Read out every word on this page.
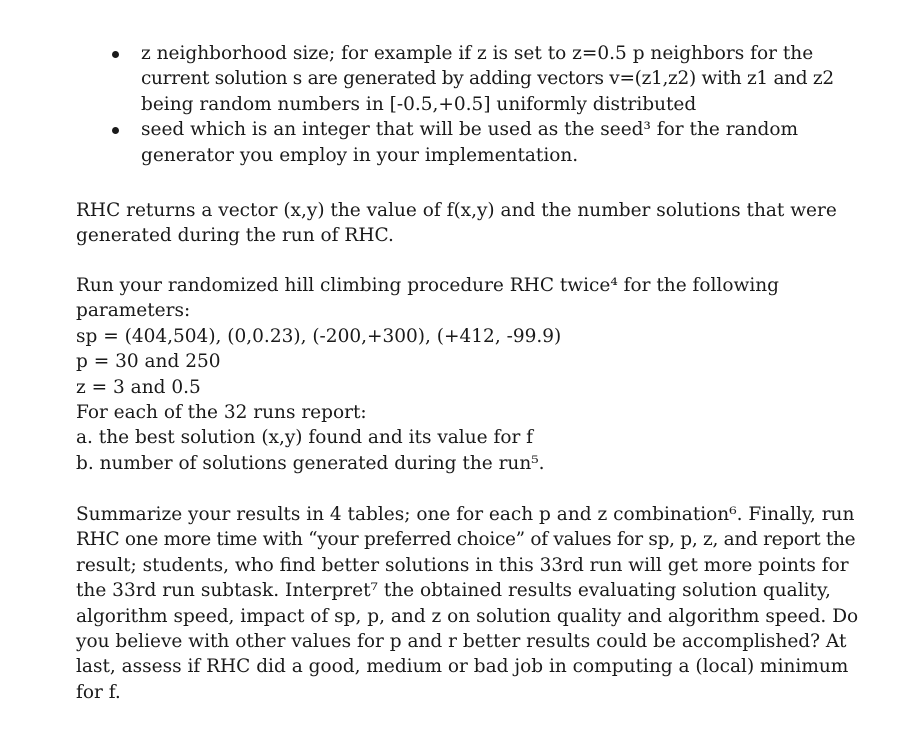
z neighborhood size; for example if z is set to z=0.5 p neighbors for the
current solution s are generated by adding vectors v=(z1,z2) with z1 and z2
being random numbers in [-0.5,+0.5] uniformly distributed
seed which is an integer that will be used as the seed³ for the random
generator you employ in your implementation.
RHC returns a vector (x,y) the value of f(x,y) and the number solutions that were
generated during the run of RHC.
Run your randomized hill climbing procedure RHC twice⁴ for the following
parameters:
sp = (404,504), (0,0.23), (-200,+300), (+412, -99.9)
p = 30 and 250
z = 3 and 0.5
For each of the 32 runs report:
a. the best solution (x,y) found and its value for f
b. number of solutions generated during the run⁵.
Summarize your results in 4 tables; one for each p and z combination⁶. Finally, run
RHC one more time with “your preferred choice” of values for sp, p, z, and report the
result; students, who find better solutions in this 33rd run will get more points for
the 33rd run subtask. Interpret⁷ the obtained results evaluating solution quality,
algorithm speed, impact of sp, p, and z on solution quality and algorithm speed. Do
you believe with other values for p and r better results could be accomplished? At
last, assess if RHC did a good, medium or bad job in computing a (local) minimum
for f.
